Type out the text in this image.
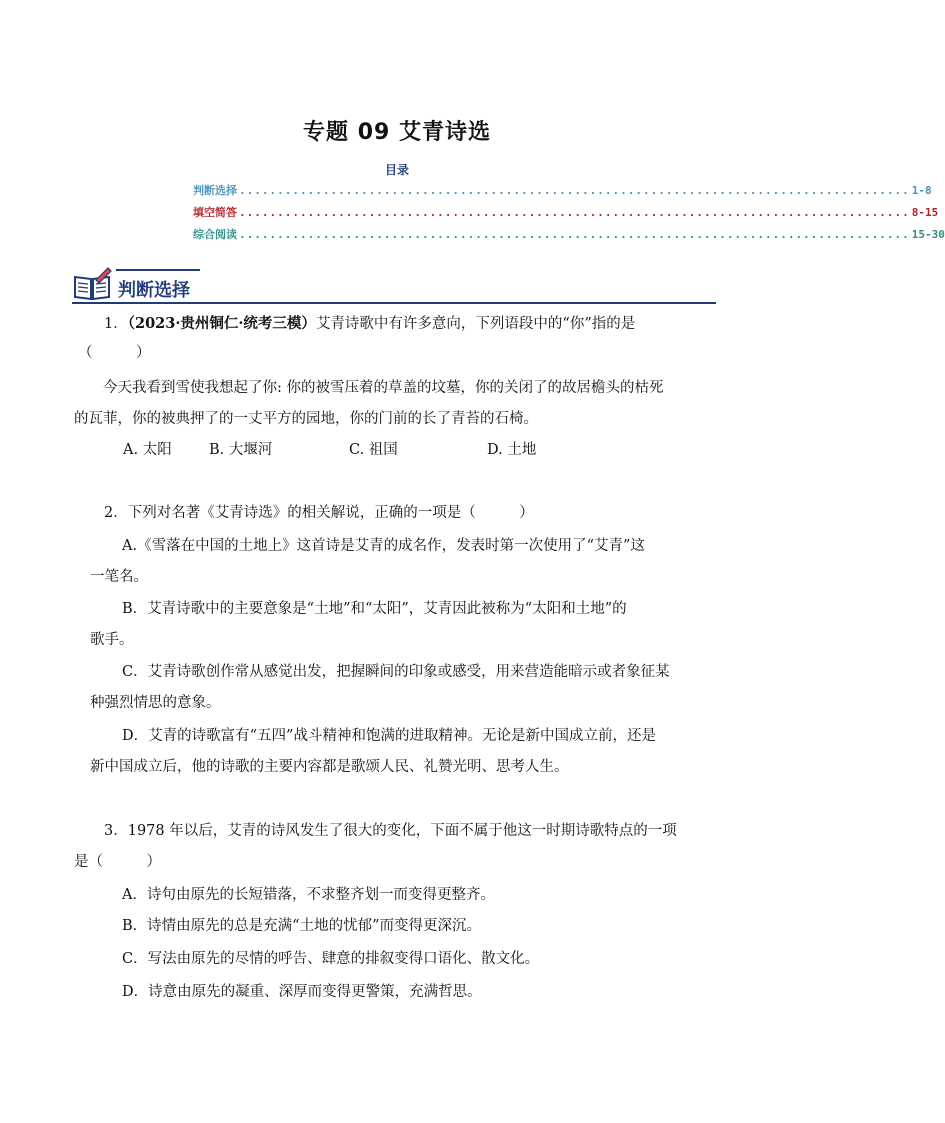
专题 09 艾青诗选
目录
判断选择 ........................................................................................ 1-8
填空简答 ........................................................................................ 8-15
综合阅读 ........................................................................................ 15-30
判断选择
1．（2023·贵州铜仁·统考三模）艾青诗歌中有许多意向，下列语段中的“你”指的是
（　　　）
今天我看到雪使我想起了你: 你的被雪压着的草盖的坟墓，你的关闭了的故居檐头的枯死
的瓦菲，你的被典押了的一丈平方的园地，你的门前的长了青苔的石椅。
A. 太阳	B. 大堰河	C. 祖国	D. 土地
2．下列对名著《艾青诗选》的相关解说，正确的一项是（　　　）
A.《雪落在中国的土地上》这首诗是艾青的成名作，发表时第一次使用了“艾青”这
一笔名。
B．艾青诗歌中的主要意象是“土地”和“太阳”，艾青因此被称为“太阳和土地”的
歌手。
C．艾青诗歌创作常从感觉出发，把握瞬间的印象或感受，用来营造能暗示或者象征某
种强烈情思的意象。
D．艾青的诗歌富有“五四”战斗精神和饱满的进取精神。无论是新中国成立前，还是
新中国成立后，他的诗歌的主要内容都是歌颂人民、礼赞光明、思考人生。
3．1978 年以后，艾青的诗风发生了很大的变化，下面不属于他这一时期诗歌特点的一项
是（　　　）
A．诗句由原先的长短错落，不求整齐划一而变得更整齐。
B．诗情由原先的总是充满“土地的忧郁”而变得更深沉。
C．写法由原先的尽情的呼告、肆意的排叙变得口语化、散文化。
D．诗意由原先的凝重、深厚而变得更警策，充满哲思。
